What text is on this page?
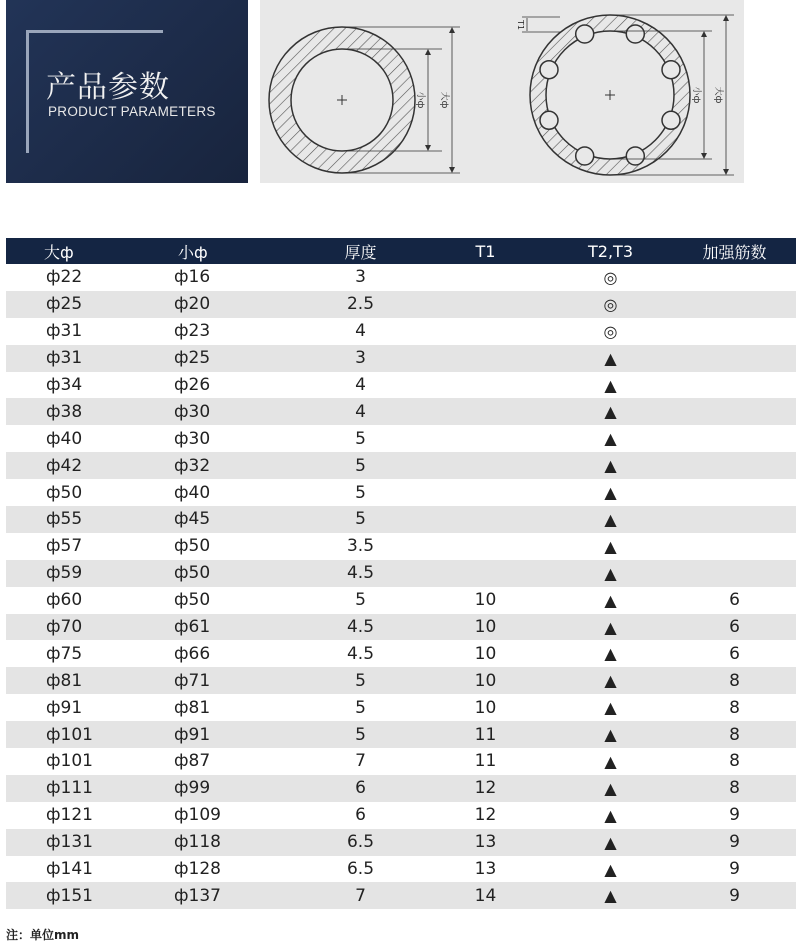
产品参数
PRODUCT PARAMETERS
小ф 大ф
T1
小ф 大ф
大ф	小ф	厚度	T1	T2,T3	加强筋数
ф22	ф16	3		◎	
ф25	ф20	2.5		◎	
ф31	ф23	4		◎	
ф31	ф25	3		▲	
ф34	ф26	4		▲	
ф38	ф30	4		▲	
ф40	ф30	5		▲	
ф42	ф32	5		▲	
ф50	ф40	5		▲	
ф55	ф45	5		▲	
ф57	ф50	3.5		▲	
ф59	ф50	4.5		▲	
ф60	ф50	5	10	▲	6
ф70	ф61	4.5	10	▲	6
ф75	ф66	4.5	10	▲	6
ф81	ф71	5	10	▲	8
ф91	ф81	5	10	▲	8
ф101	ф91	5	11	▲	8
ф101	ф87	7	11	▲	8
ф111	ф99	6	12	▲	8
ф121	ф109	6	12	▲	9
ф131	ф118	6.5	13	▲	9
ф141	ф128	6.5	13	▲	9
ф151	ф137	7	14	▲	9
注：单位mm
